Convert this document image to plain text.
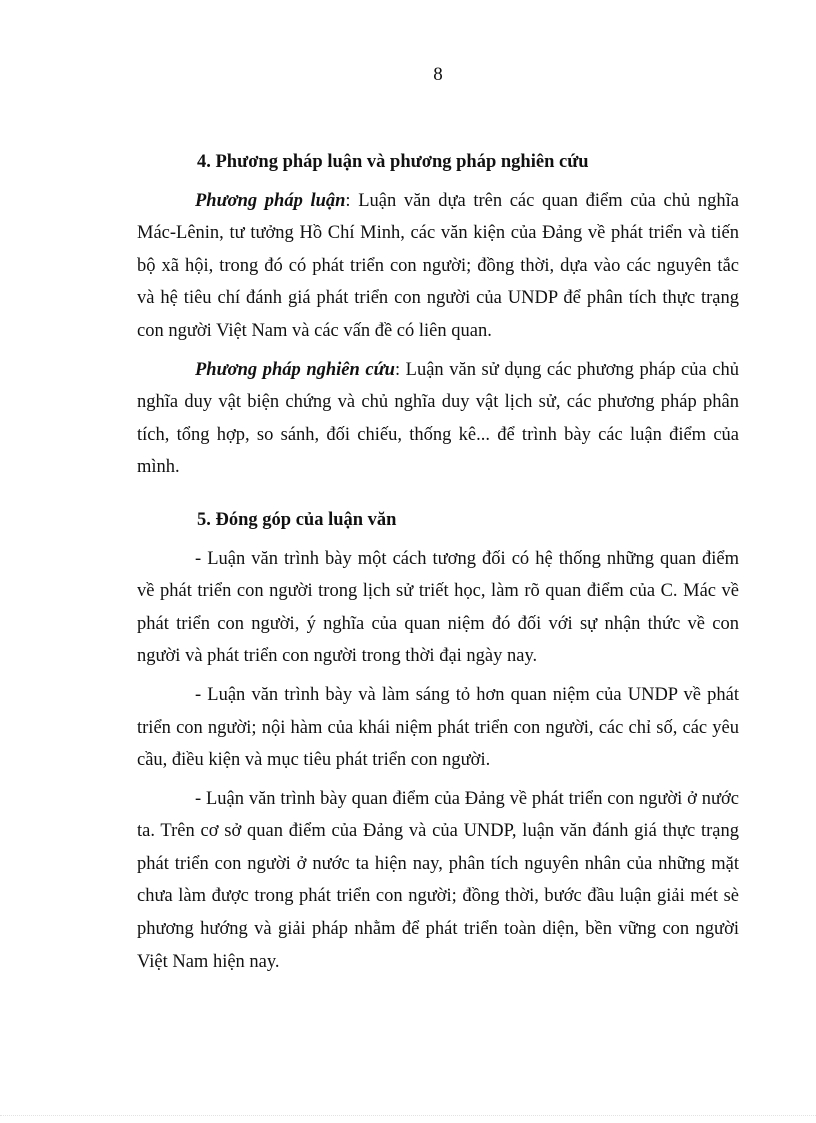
8
4. Phương pháp luận và phương pháp nghiên cứu

Phương pháp luận: Luận văn dựa trên các quan điểm của chủ nghĩa Mác-Lênin, tư tưởng Hồ Chí Minh, các văn kiện của Đảng về phát triển và tiến bộ xã hội, trong đó có phát triển con người; đồng thời, dựa vào các nguyên tắc và hệ tiêu chí đánh giá phát triển con người của UNDP để phân tích thực trạng con người Việt Nam và các vấn đề có liên quan.

Phương pháp nghiên cứu: Luận văn sử dụng các phương pháp của chủ nghĩa duy vật biện chứng và chủ nghĩa duy vật lịch sử, các phương pháp phân tích, tổng hợp, so sánh, đối chiếu, thống kê... để trình bày các luận điểm của mình.

5. Đóng góp của luận văn

- Luận văn trình bày một cách tương đối có hệ thống những quan điểm về phát triển con người trong lịch sử triết học, làm rõ quan điểm của C. Mác về phát triển con người, ý nghĩa của quan niệm đó đối với sự nhận thức về con người và phát triển con người trong thời đại ngày nay.

- Luận văn trình bày và làm sáng tỏ hơn quan niệm của UNDP về phát triển con người; nội hàm của khái niệm phát triển con người, các chỉ số, các yêu cầu, điều kiện và mục tiêu phát triển con người.

- Luận văn trình bày quan điểm của Đảng về phát triển con người ở nước ta. Trên cơ sở quan điểm của Đảng và của UNDP, luận văn đánh giá thực trạng phát triển con người ở nước ta hiện nay, phân tích nguyên nhân của những mặt chưa làm được trong phát triển con người; đồng thời, bước đầu luận giải mét sè phương hướng và giải pháp nhằm để phát triển toàn diện, bền vững con người Việt Nam hiện nay.
